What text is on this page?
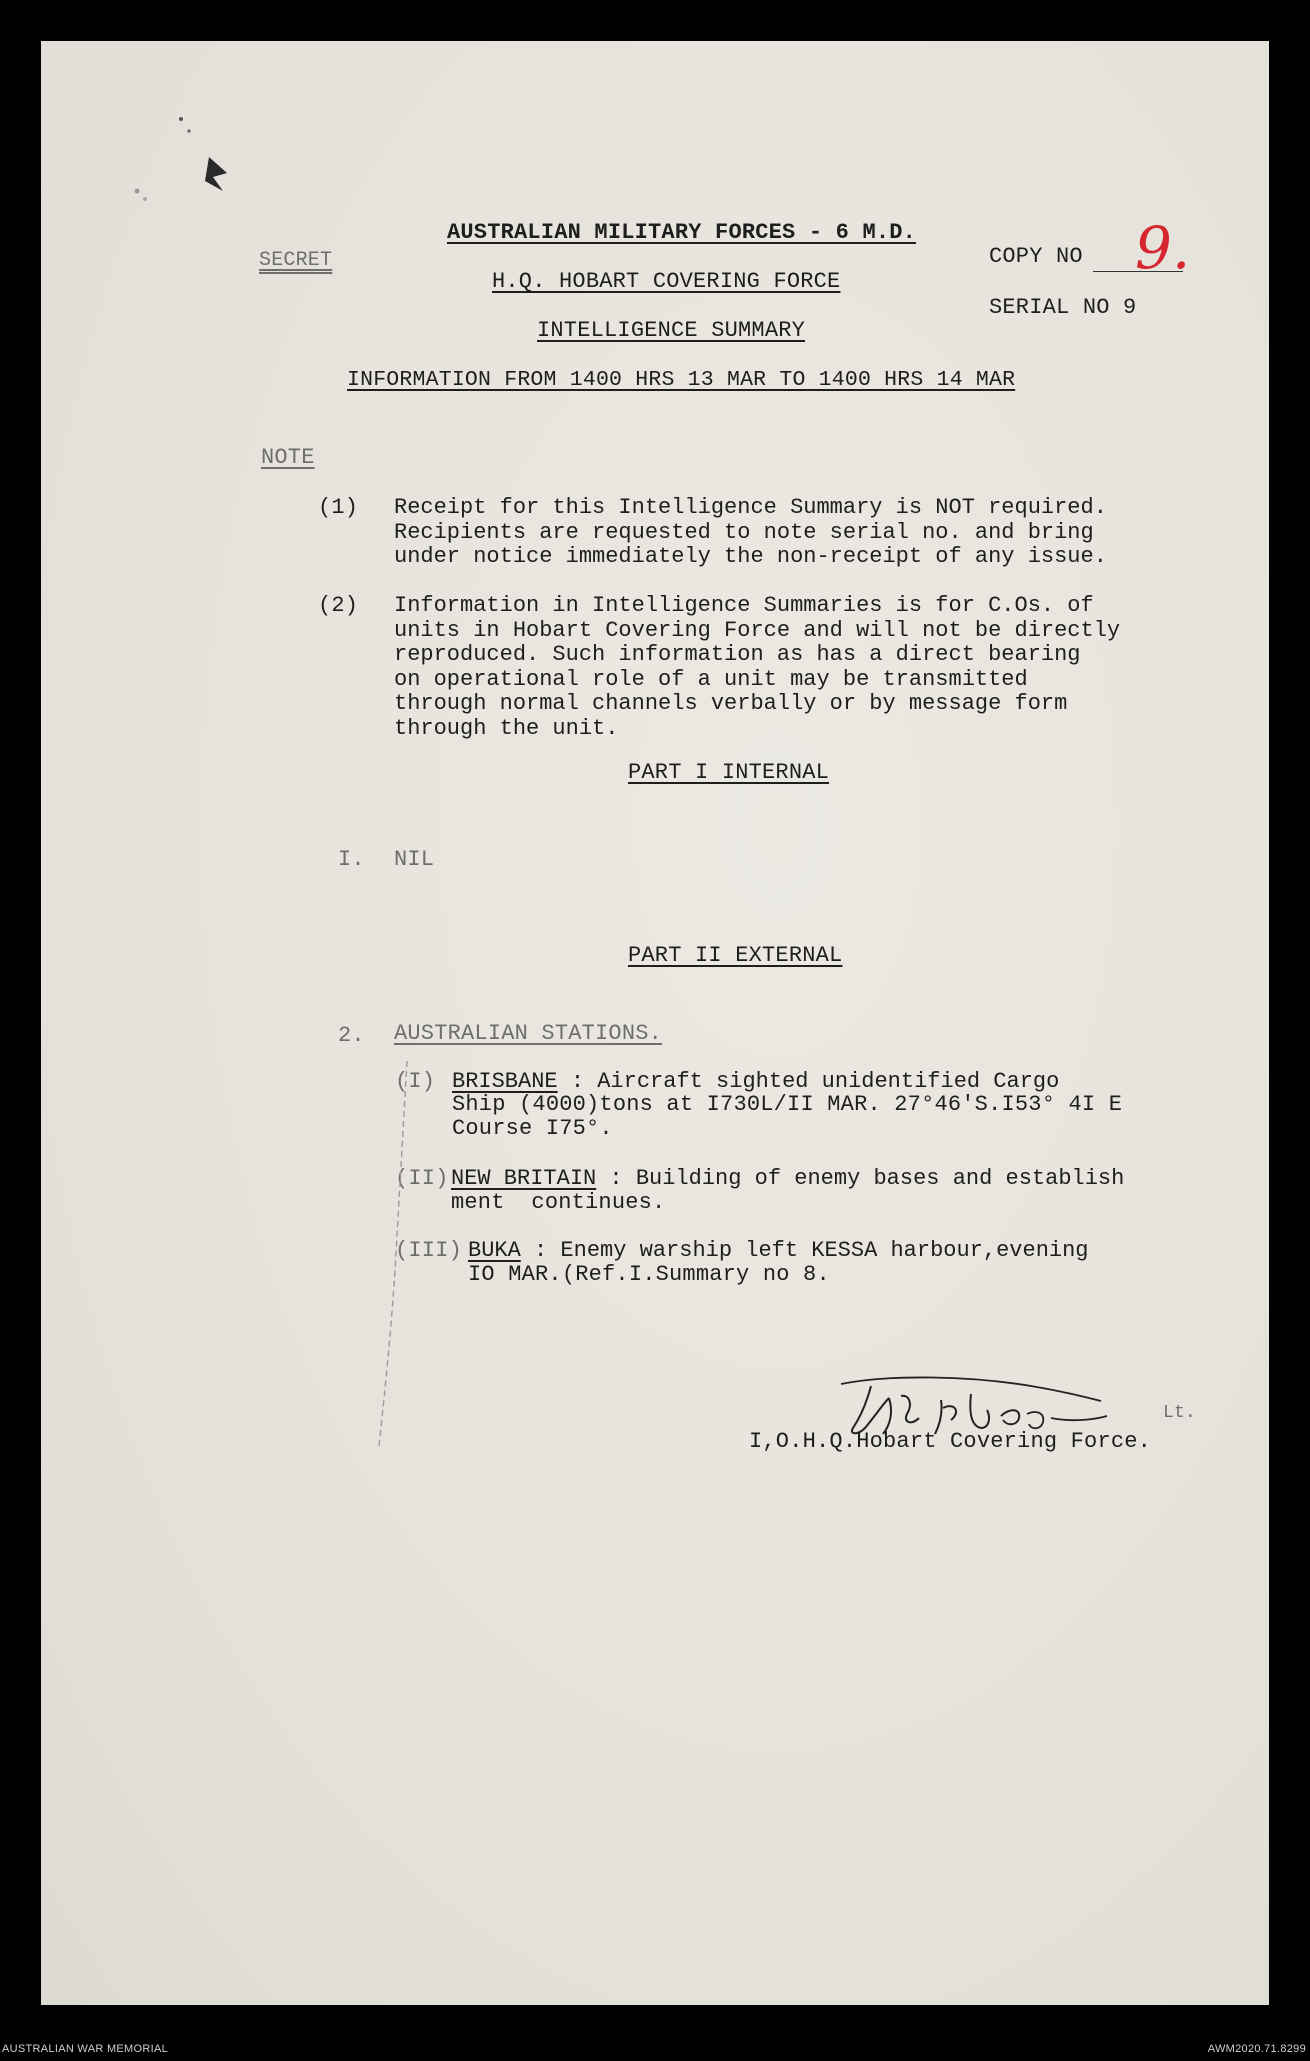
SECRET
AUSTRALIAN MILITARY FORCES - 6 M.D.
H.Q. HOBART COVERING FORCE
INTELLIGENCE SUMMARY
INFORMATION FROM 1400 HRS 13 MAR TO 1400 HRS 14 MAR
COPY NO 9.
SERIAL NO 9
NOTE
(1) Receipt for this Intelligence Summary is NOT required.
Recipients are requested to note serial no. and bring
under notice immediately the non-receipt of any issue.
(2) Information in Intelligence Summaries is for C.Os. of
units in Hobart Covering Force and will not be directly
reproduced. Such information as has a direct bearing
on operational role of a unit may be transmitted
through normal channels verbally or by message form
through the unit.
PART I INTERNAL
I. NIL
PART II EXTERNAL
2. AUSTRALIAN STATIONS.
(I) BRISBANE : Aircraft sighted unidentified Cargo
Ship (4000)tons at I730L/II MAR. 27°46'S.I53° 4I E
Course I75°.
(II) NEW BRITAIN : Building of enemy bases and establish
ment  continues.
(III) BUKA : Enemy warship left KESSA harbour,evening
IO MAR.(Ref.I.Summary no 8.
Lt.
I,O.H.Q.Hobart Covering Force.
AUSTRALIAN WAR MEMORIAL	AWM2020.71.8299
